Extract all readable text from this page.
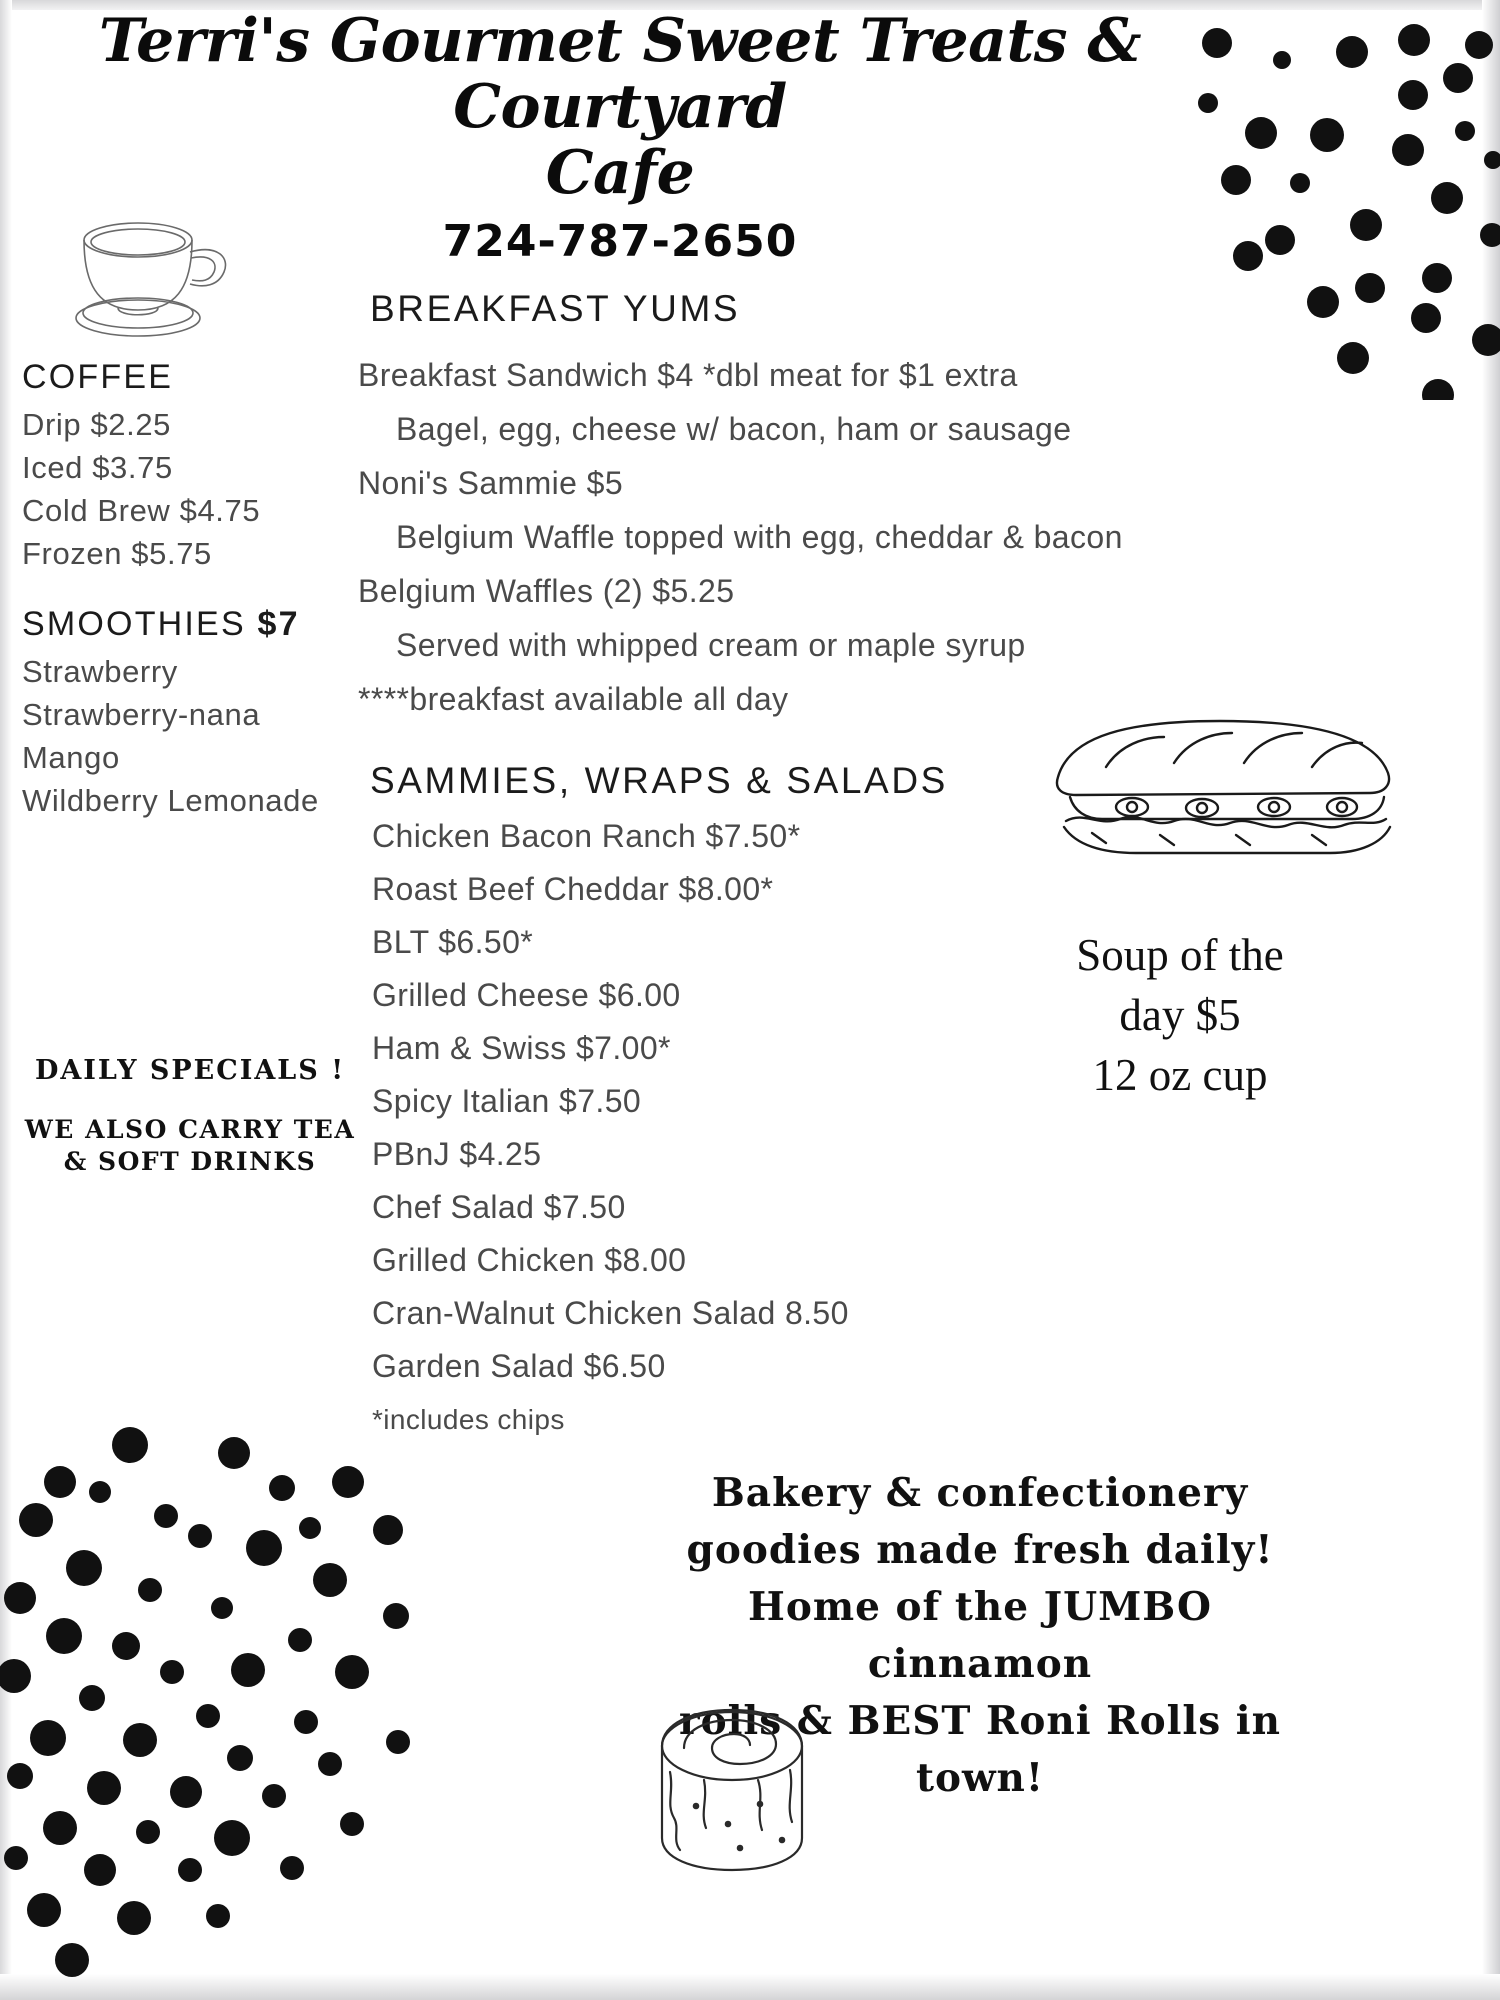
Terri's Gourmet Sweet Treats & Courtyard
Cafe
724-787-2650
COFFEE
Drip $2.25
Iced $3.75
Cold Brew $4.75
Frozen $5.75
SMOOTHIES $7
Strawberry
Strawberry-nana
Mango
Wildberry Lemonade
DAILY SPECIALS !
WE ALSO CARRY TEA & SOFT DRINKS
BREAKFAST YUMS
Breakfast Sandwich $4 *dbl meat for $1 extra
Bagel, egg, cheese w/ bacon, ham or sausage
Noni's Sammie $5
Belgium Waffle topped with egg, cheddar & bacon
Belgium Waffles (2) $5.25
Served with whipped cream or maple syrup
****breakfast available all day
SAMMIES, WRAPS & SALADS
Chicken Bacon Ranch $7.50*
Roast Beef Cheddar $8.00*
BLT $6.50*
Grilled Cheese $6.00
Ham & Swiss $7.00*
Spicy Italian $7.50
PBnJ $4.25
Chef Salad $7.50
Grilled Chicken $8.00
Cran-Walnut Chicken Salad 8.50
Garden Salad $6.50
*includes chips
Soup of the
day $5
12 oz cup
Bakery & confectionery
goodies made fresh daily!
Home of the JUMBO cinnamon
rolls & BEST Roni Rolls in
town!
